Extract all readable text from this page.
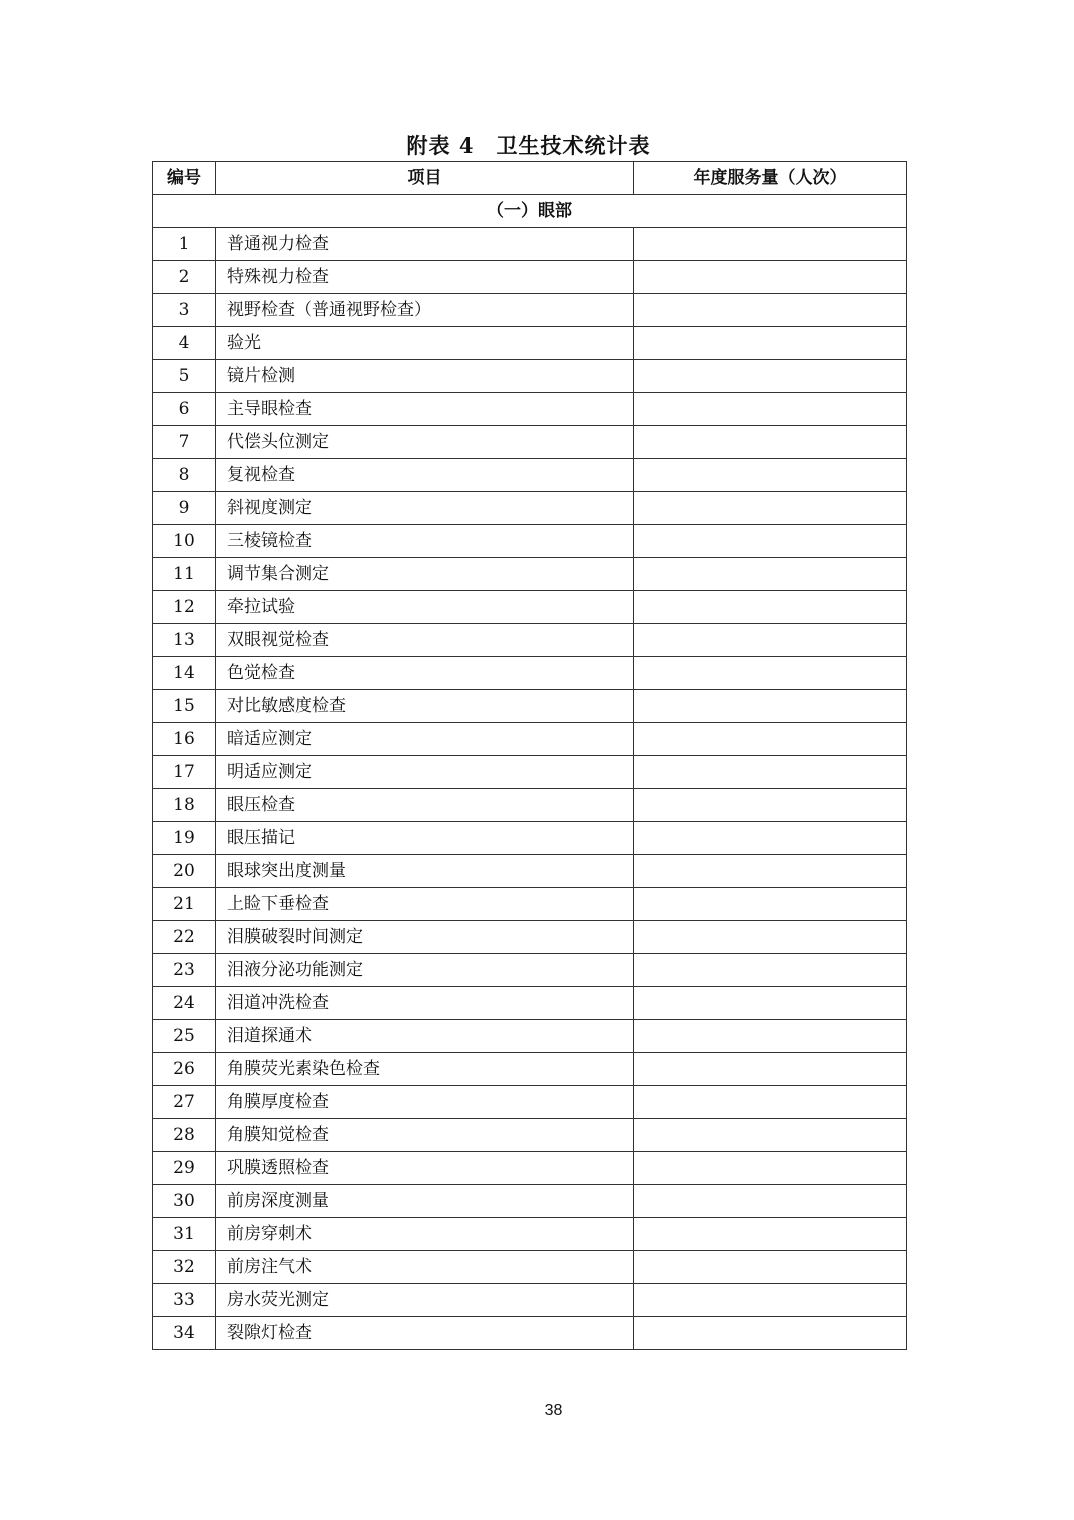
附表 4　卫生技术统计表
编号	项目	年度服务量（人次）
（一）眼部		
1	普通视力检查	
2	特殊视力检查	
3	视野检查（普通视野检查）	
4	验光	
5	镜片检测	
6	主导眼检查	
7	代偿头位测定	
8	复视检查	
9	斜视度测定	
10	三棱镜检查	
11	调节集合测定	
12	牵拉试验	
13	双眼视觉检查	
14	色觉检查	
15	对比敏感度检查	
16	暗适应测定	
17	明适应测定	
18	眼压检查	
19	眼压描记	
20	眼球突出度测量	
21	上睑下垂检查	
22	泪膜破裂时间测定	
23	泪液分泌功能测定	
24	泪道冲洗检查	
25	泪道探通术	
26	角膜荧光素染色检查	
27	角膜厚度检查	
28	角膜知觉检查	
29	巩膜透照检查	
30	前房深度测量	
31	前房穿刺术	
32	前房注气术	
33	房水荧光测定	
34	裂隙灯检查	
38
